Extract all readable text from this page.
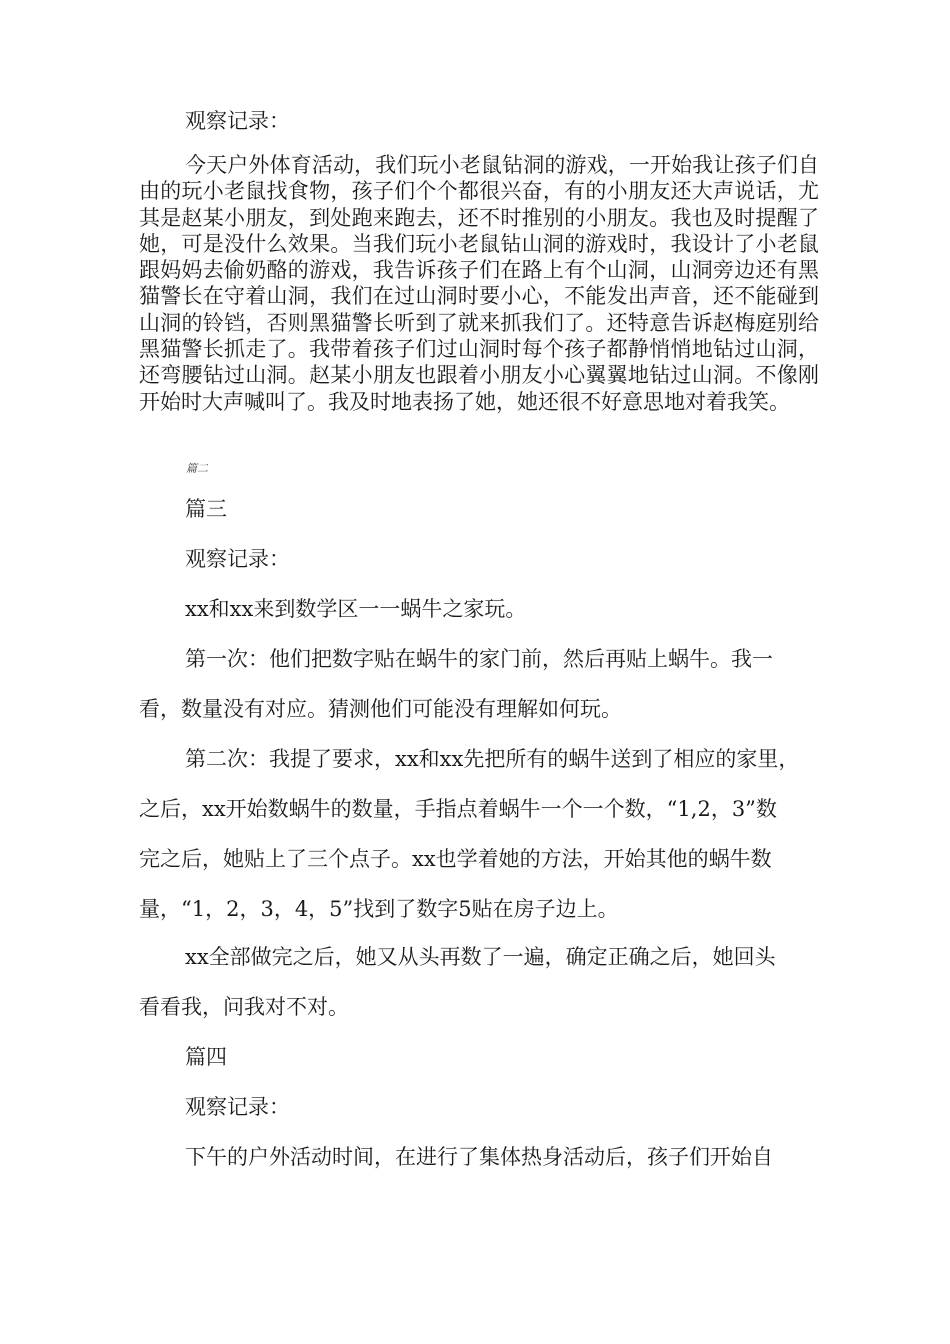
观察记录：

今天户外体育活动，我们玩小老鼠钻洞的游戏，一开始我让孩子们自由的玩小老鼠找食物，孩子们个个都很兴奋，有的小朋友还大声说话，尤其是赵某小朋友，到处跑来跑去，还不时推别的小朋友。我也及时提醒了她，可是没什么效果。当我们玩小老鼠钻山洞的游戏时，我设计了小老鼠跟妈妈去偷奶酪的游戏，我告诉孩子们在路上有个山洞，山洞旁边还有黑猫警长在守着山洞，我们在过山洞时要小心，不能发出声音，还不能碰到山洞的铃铛，否则黑猫警长听到了就来抓我们了。还特意告诉赵梅庭别给黑猫警长抓走了。我带着孩子们过山洞时每个孩子都静悄悄地钻过山洞，还弯腰钻过山洞。赵某小朋友也跟着小朋友小心翼翼地钻过山洞。不像刚开始时大声喊叫了。我及时地表扬了她，她还很不好意思地对着我笑。

篇二
篇三
观察记录：
xx和xx来到数学区一一蜗牛之家玩。
第一次：他们把数字贴在蜗牛的家门前，然后再贴上蜗牛。我一
看，数量没有对应。猜测他们可能没有理解如何玩。
第二次：我提了要求，xx和xx先把所有的蜗牛送到了相应的家里，
之后，xx开始数蜗牛的数量，手指点着蜗牛一个一个数，“1,2，3”数
完之后，她贴上了三个点子。xx也学着她的方法，开始其他的蜗牛数
量，“1，2，3，4，5”找到了数字5贴在房子边上。
xx全部做完之后，她又从头再数了一遍，确定正确之后，她回头
看看我，问我对不对。
篇四
观察记录：
下午的户外活动时间，在进行了集体热身活动后，孩子们开始自
